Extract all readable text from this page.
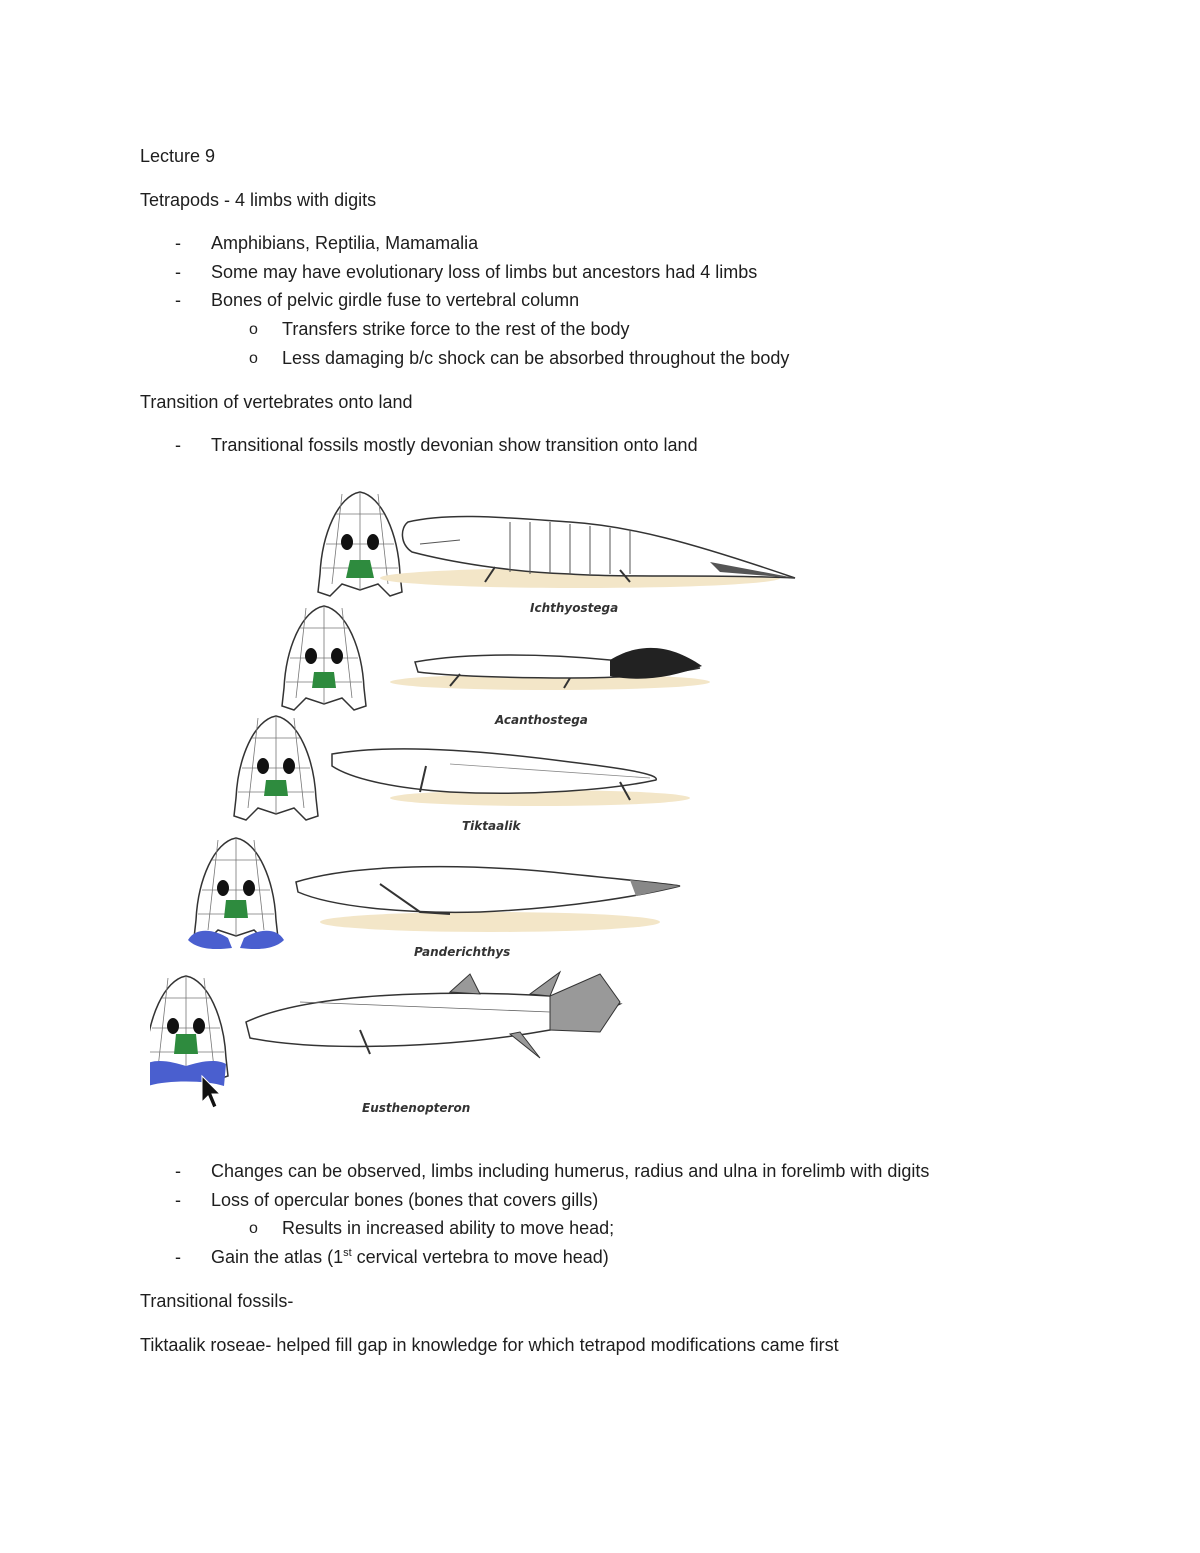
Lecture 9
Tetrapods - 4 limbs with digits
- Amphibians, Reptilia, Mamamalia
- Some may have evolutionary loss of limbs but ancestors had 4 limbs
- Bones of pelvic girdle fuse to vertebral column
o Transfers strike force to the rest of the body
o Less damaging b/c shock can be absorbed throughout the body
Transition of vertebrates onto land
- Transitional fossils mostly devonian show transition onto land
Ichthyostega
Acanthostega
Tiktaalik
Panderichthys
Eusthenopteron
- Changes can be observed, limbs including humerus, radius and ulna in forelimb with digits
- Loss of opercular bones (bones that covers gills)
o Results in increased ability to move head;
- Gain the atlas (1st cervical vertebra to move head)
Transitional fossils-
Tiktaalik roseae- helped fill gap in knowledge for which tetrapod modifications came first
